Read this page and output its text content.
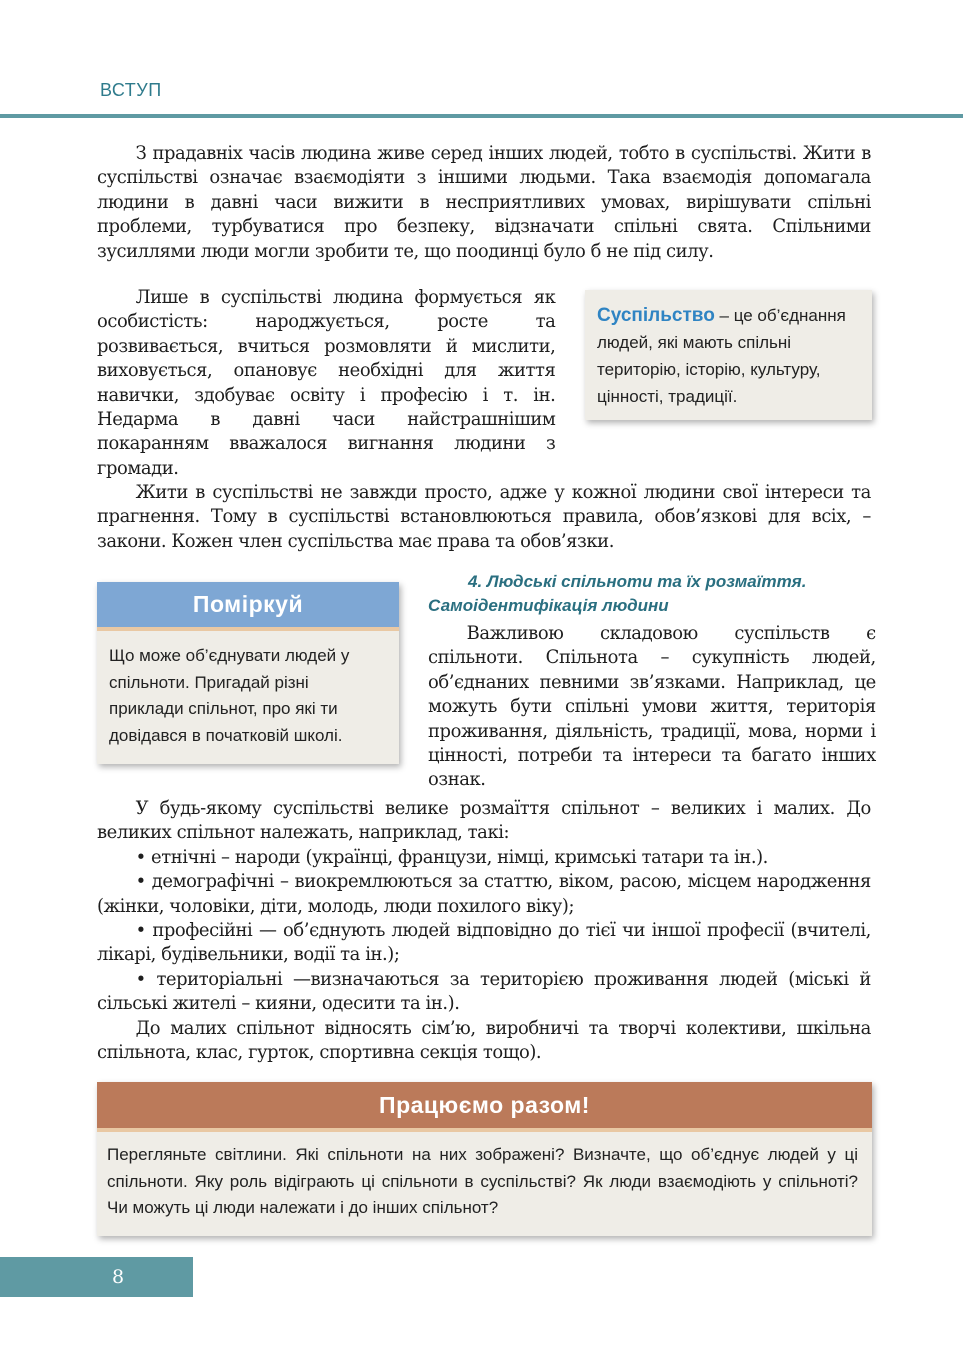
ВСТУП

З прадавніх часів людина живе серед інших людей, тобто в суспільстві. Жити в суспільстві означає взаємодіяти з іншими людьми. Така взаємодія допомагала людини в давні часи вижити в несприятливих умовах, вирішувати спільні проблеми, турбуватися про безпеку, відзначати спільні свята. Спільними зусиллями люди могли зробити те, що поодинці було б не під силу.

Лише в суспільстві людина формується як особистість: народжується, росте та розвивається, вчиться розмовляти й мислити, виховується, опановує необхідні для життя навички, здобуває освіту і професію і т. ін. Недарма в давні часи найстрашнішим покаранням вважалося вигнання людини з громади.

Суспільство – це об’єднання людей, які мають спільні територію, історію, культуру, цінності, традиції.

Жити в суспільстві не завжди просто, адже у кожної людини свої інтереси та прагнення. Тому в суспільстві встановлюються правила, обов’язкові для всіх, – закони. Кожен член суспільства має права та обов’язки.

Поміркуй
Що може об’єднувати людей у спільноти. Пригадай різні приклади спільнот, про які ти довідався в початковій школі.
4. Людські спільноти та їх розмаїття.
Самоідентифікація людини

Важливою складовою суспільств є спільноти. Спільнота – сукупність людей, об’єднаних певними зв’язками. Наприклад, це можуть бути спільні умови життя, територія проживання, діяльність, традиції, мова, норми і цінності, потреби та інтереси та багато інших ознак.

У будь-якому суспільстві велике розмаїття спільнот – великих і малих. До великих спільнот належать, наприклад, такі:

• етнічні – народи (українці, французи, німці, кримські татари та ін.).

• демографічні – виокремлюються за статтю, віком, расою, місцем народження (жінки, чоловіки, діти, молодь, люди похилого віку);

• професійні — об’єднують людей відповідно до тієї чи іншої професії (вчителі, лікарі, будівельники, водії та ін.);

• територіальні —визначаються за територією проживання людей (міські й сільські жителі – кияни, одесити та ін.).

До малих спільнот відносять сім’ю, виробничі та творчі колективи, шкільна спільнота, клас, гурток, спортивна секція тощо).

Працюємо разом!
Перегляньте світлини. Які спільноти на них зображені? Визначте, що об’єднує людей у ці спільноти. Яку роль відіграють ці спільноти в суспільстві? Як люди взаємодіють у спільноті? Чи можуть ці люди належати і до інших спільнот?
8
